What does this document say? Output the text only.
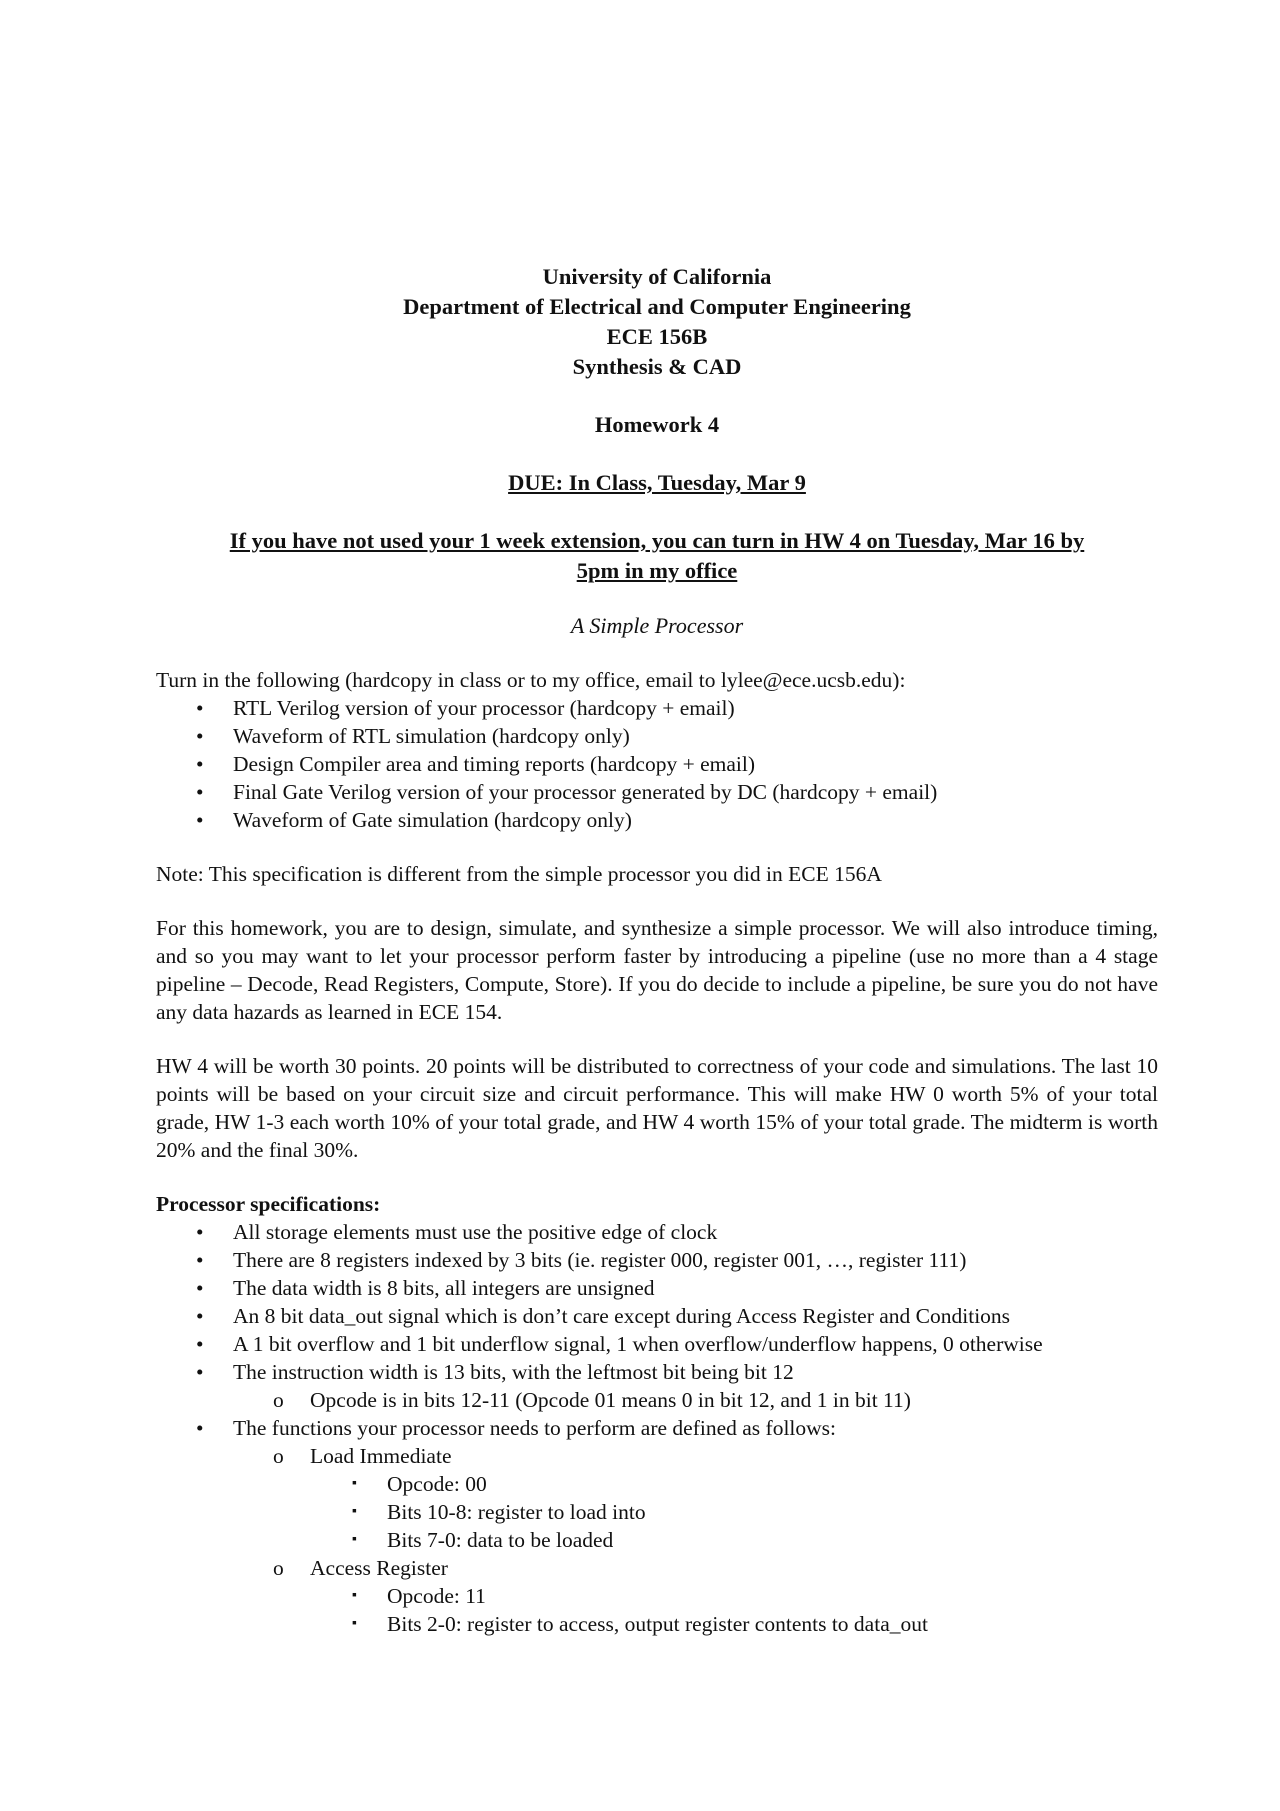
University of California
Department of Electrical and Computer Engineering
ECE 156B
Synthesis & CAD
Homework 4
DUE: In Class, Tuesday, Mar 9
If you have not used your 1 week extension, you can turn in HW 4 on Tuesday, Mar 16 by
5pm in my office
A Simple Processor

Turn in the following (hardcopy in class or to my office, email to lylee@ece.ucsb.edu):

• RTL Verilog version of your processor (hardcopy + email)
• Waveform of RTL simulation (hardcopy only)
• Design Compiler area and timing reports (hardcopy + email)
• Final Gate Verilog version of your processor generated by DC (hardcopy + email)
• Waveform of Gate simulation (hardcopy only)

Note: This specification is different from the simple processor you did in ECE 156A

For this homework, you are to design, simulate, and synthesize a simple processor. We will also introduce timing, and so you may want to let your processor perform faster by introducing a pipeline (use no more than a 4 stage pipeline – Decode, Read Registers, Compute, Store). If you do decide to include a pipeline, be sure you do not have any data hazards as learned in ECE 154.

HW 4 will be worth 30 points. 20 points will be distributed to correctness of your code and simulations. The last 10 points will be based on your circuit size and circuit performance. This will make HW 0 worth 5% of your total grade, HW 1-3 each worth 10% of your total grade, and HW 4 worth 15% of your total grade. The midterm is worth 20% and the final 30%.

Processor specifications:

• All storage elements must use the positive edge of clock
• There are 8 registers indexed by 3 bits (ie. register 000, register 001, …, register 111)
• The data width is 8 bits, all integers are unsigned
• An 8 bit data_out signal which is don’t care except during Access Register and Conditions
• A 1 bit overflow and 1 bit underflow signal, 1 when overflow/underflow happens, 0 otherwise
• The instruction width is 13 bits, with the leftmost bit being bit 12
o Opcode is in bits 12-11 (Opcode 01 means 0 in bit 12, and 1 in bit 11)
• The functions your processor needs to perform are defined as follows:
o Load Immediate
▪ Opcode: 00
▪ Bits 10-8: register to load into
▪ Bits 7-0: data to be loaded
o Access Register
▪ Opcode: 11
▪ Bits 2-0: register to access, output register contents to data_out
